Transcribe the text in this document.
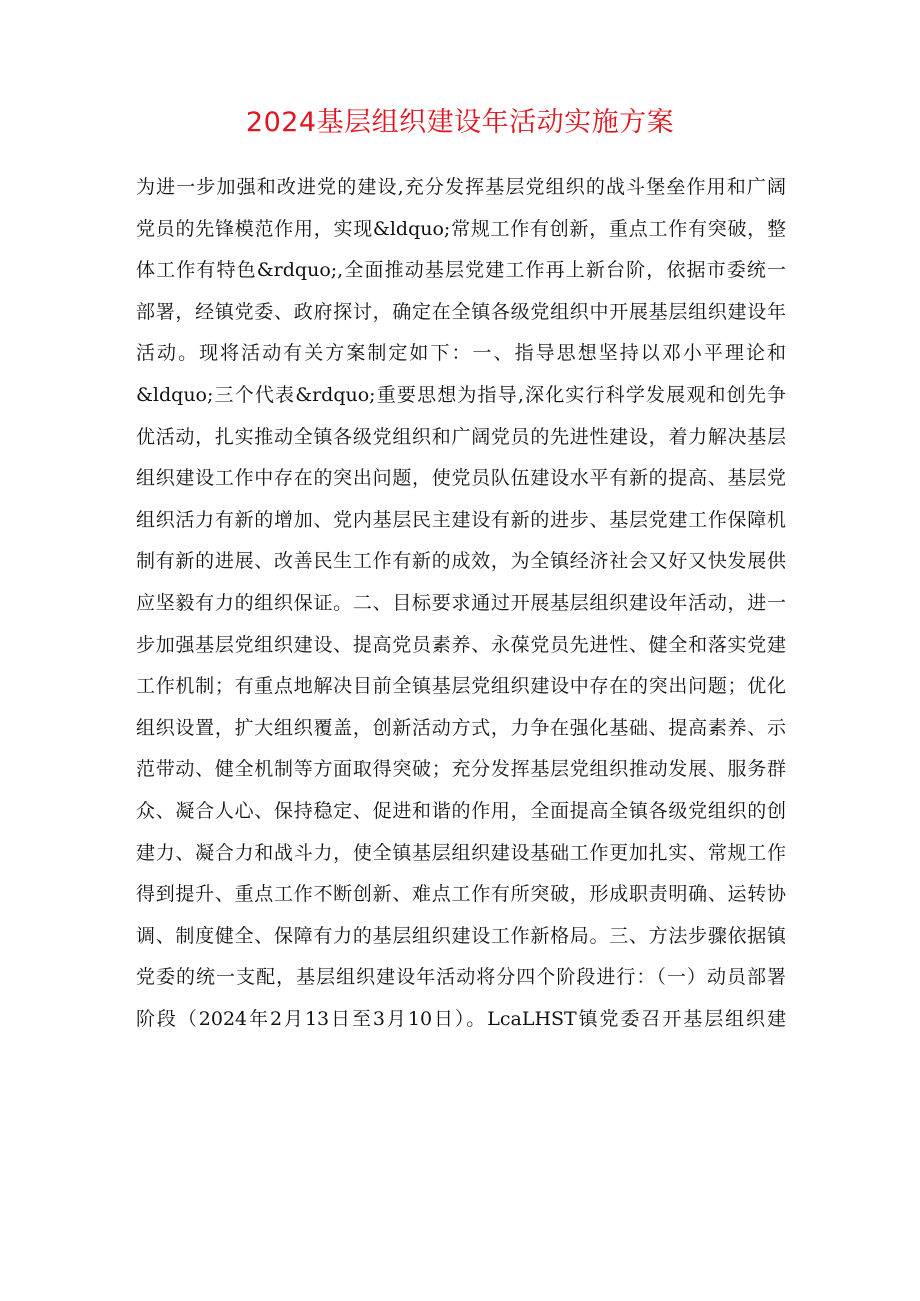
2024基层组织建设年活动实施方案
为进一步加强和改进党的建设,充分发挥基层党组织的战斗堡垒作用和广阔
党员的先锋模范作用，实现&ldquo;常规工作有创新，重点工作有突破，整
体工作有特色&rdquo;,全面推动基层党建工作再上新台阶，依据市委统一
部署，经镇党委、政府探讨，确定在全镇各级党组织中开展基层组织建设年
活动。现将活动有关方案制定如下：一、指导思想坚持以邓小平理论和
&ldquo;三个代表&rdquo;重要思想为指导,深化实行科学发展观和创先争
优活动，扎实推动全镇各级党组织和广阔党员的先进性建设，着力解决基层
组织建设工作中存在的突出问题，使党员队伍建设水平有新的提高、基层党
组织活力有新的增加、党内基层民主建设有新的进步、基层党建工作保障机
制有新的进展、改善民生工作有新的成效，为全镇经济社会又好又快发展供
应坚毅有力的组织保证。二、目标要求通过开展基层组织建设年活动，进一
步加强基层党组织建设、提高党员素养、永葆党员先进性、健全和落实党建
工作机制；有重点地解决目前全镇基层党组织建设中存在的突出问题；优化
组织设置，扩大组织覆盖，创新活动方式，力争在强化基础、提高素养、示
范带动、健全机制等方面取得突破；充分发挥基层党组织推动发展、服务群
众、凝合人心、保持稳定、促进和谐的作用，全面提高全镇各级党组织的创
建力、凝合力和战斗力，使全镇基层组织建设基础工作更加扎实、常规工作
得到提升、重点工作不断创新、难点工作有所突破，形成职责明确、运转协
调、制度健全、保障有力的基层组织建设工作新格局。三、方法步骤依据镇
党委的统一支配，基层组织建设年活动将分四个阶段进行：（一）动员部署
阶段（2024年2月13日至3月10日）。LcaLHST镇党委召开基层组织建
